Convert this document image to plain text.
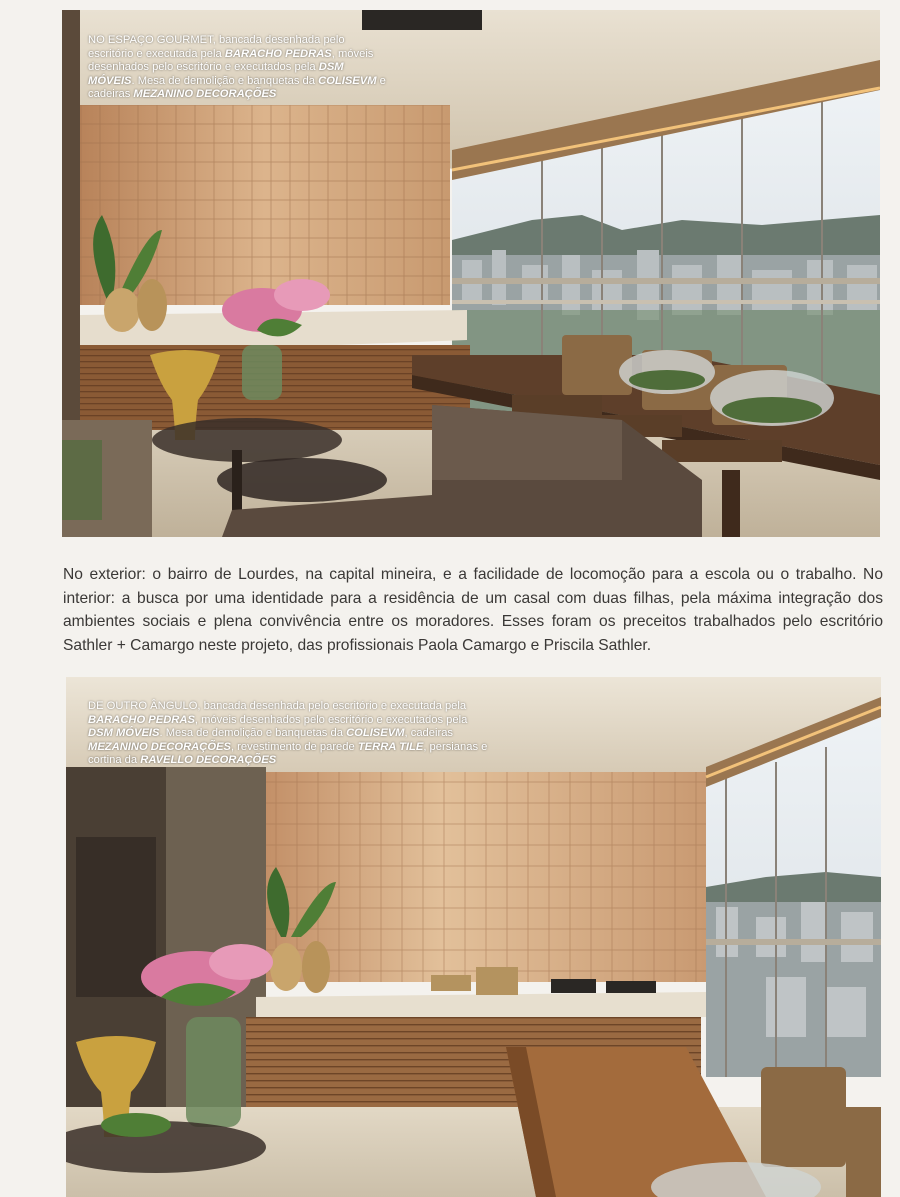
NO ESPAÇO GOURMET, bancada desenhada pelo escritório e executada pela BARACHO PEDRAS, móveis desenhados pelo escritório e executados pela DSM MÓVEIS. Mesa de demolição e banquetas da COLISEVM e cadeiras MEZANINO DECORAÇÕES
No exterior: o bairro de Lourdes, na capital mineira, e a facilidade de locomoção para a escola ou o trabalho. No
interior: a busca por uma identidade para a residência de um casal com duas filhas, pela máxima integração dos
ambientes sociais e plena convivência entre os moradores. Esses foram os preceitos trabalhados pelo escritório
Sathler + Camargo neste projeto, das profissionais Paola Camargo e Priscila Sathler.
DE OUTRO ÂNGULO, bancada desenhada pelo escritório e executada pela BARACHO PEDRAS, móveis desenhados pelo escritório e executados pela DSM MÓVEIS. Mesa de demolição e banquetas da COLISEVM, cadeiras MEZANINO DECORAÇÕES, revestimento de parede TERRA TILE, persianas e cortina da RAVELLO DECORAÇÕES
